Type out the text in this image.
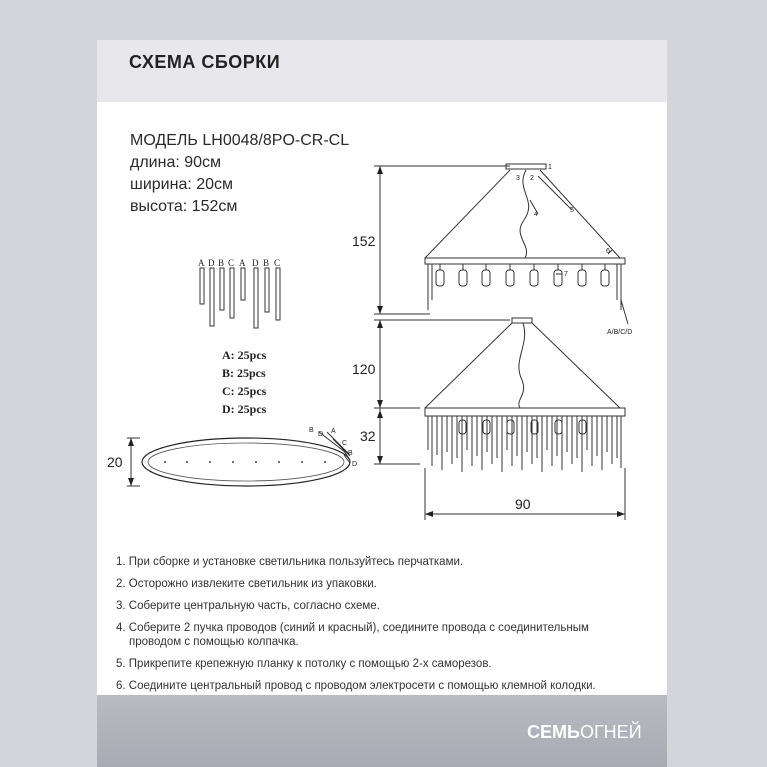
СХЕМА СБОРКИ
МОДЕЛЬ LH0048/8PO-CR-CL
длина: 90см
ширина: 20см
высота: 152см
A D B C A D B C
B
D A
C
B
D
1
2
3
4
5
6
7
A/B/C/D
152
120
32
20
90
A: 25pcs
B: 25pcs
C: 25pcs
D: 25pcs
1. При сборке и установке светильника пользуйтесь перчатками.
2. Осторожно извлеките светильник из упаковки.
3. Соберите центральную часть, согласно схеме.
4. Соберите 2 пучка проводов (синий и красный), соедините провода с соединительным
проводом с помощью колпачка.
5. Прикрепите крепежную планку к потолку с помощью 2-х саморезов.
6. Соедините центральный провод с проводом электросети с помощью клемной колодки.
СЕМЬОГНЕЙ
